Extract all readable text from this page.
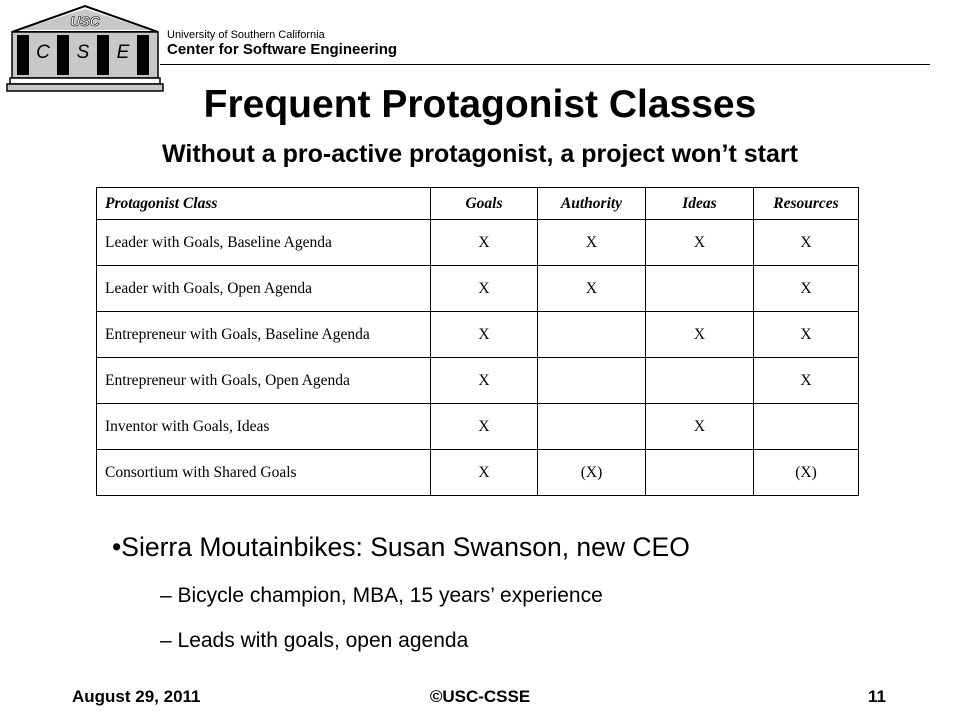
USC
C S E
University of Southern California
Center for Software Engineering
Frequent Protagonist Classes
Without a pro-active protagonist, a project won’t start
Protagonist Class	Goals	Authority	Ideas	Resources
Leader with Goals, Baseline Agenda	X	X	X	X
Leader with Goals, Open Agenda	X	X		X
Entrepreneur with Goals, Baseline Agenda	X		X	X
Entrepreneur with Goals, Open Agenda	X			X
Inventor with Goals, Ideas	X		X	
Consortium with Shared Goals	X	(X)		(X)
•Sierra Moutainbikes: Susan Swanson, new CEO
– Bicycle champion, MBA, 15 years’ experience
– Leads with goals, open agenda
August 29, 2011	©USC-CSSE	11
